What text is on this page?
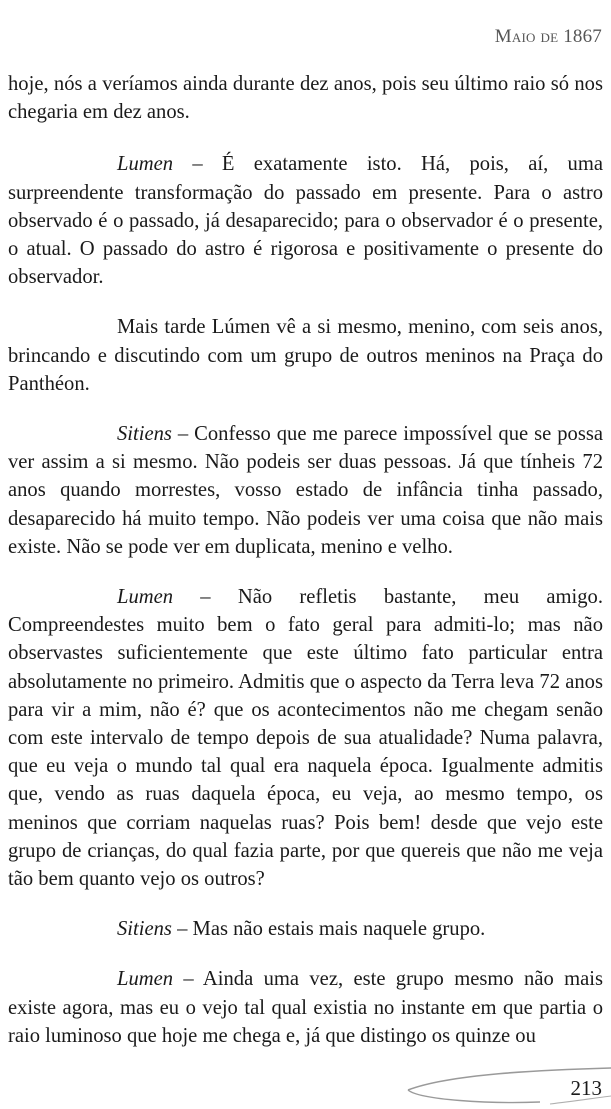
Maio de 1867

hoje, nós a veríamos ainda durante dez anos, pois seu último raio só nos chegaria em dez anos.

Lumen – É exatamente isto. Há, pois, aí, uma surpreendente transformação do passado em presente. Para o astro observado é o passado, já desaparecido; para o observador é o presente, o atual. O passado do astro é rigorosa e positivamente o presente do observador.

Mais tarde Lúmen vê a si mesmo, menino, com seis anos, brincando e discutindo com um grupo de outros meninos na Praça do Panthéon.

Sitiens – Confesso que me parece impossível que se possa ver assim a si mesmo. Não podeis ser duas pessoas. Já que tínheis 72 anos quando morrestes, vosso estado de infância tinha passado, desaparecido há muito tempo. Não podeis ver uma coisa que não mais existe. Não se pode ver em duplicata, menino e velho.

Lumen – Não refletis bastante, meu amigo. Compreendestes muito bem o fato geral para admiti-lo; mas não observastes suficientemente que este último fato particular entra absolutamente no primeiro. Admitis que o aspecto da Terra leva 72 anos para vir a mim, não é? que os acontecimentos não me chegam senão com este intervalo de tempo depois de sua atualidade? Numa palavra, que eu veja o mundo tal qual era naquela época. Igualmente admitis que, vendo as ruas daquela época, eu veja, ao mesmo tempo, os meninos que corriam naquelas ruas? Pois bem! desde que vejo este grupo de crianças, do qual fazia parte, por que quereis que não me veja tão bem quanto vejo os outros?

Sitiens – Mas não estais mais naquele grupo.

Lumen – Ainda uma vez, este grupo mesmo não mais existe agora, mas eu o vejo tal qual existia no instante em que partia o raio luminoso que hoje me chega e, já que distingo os quinze ou

213
